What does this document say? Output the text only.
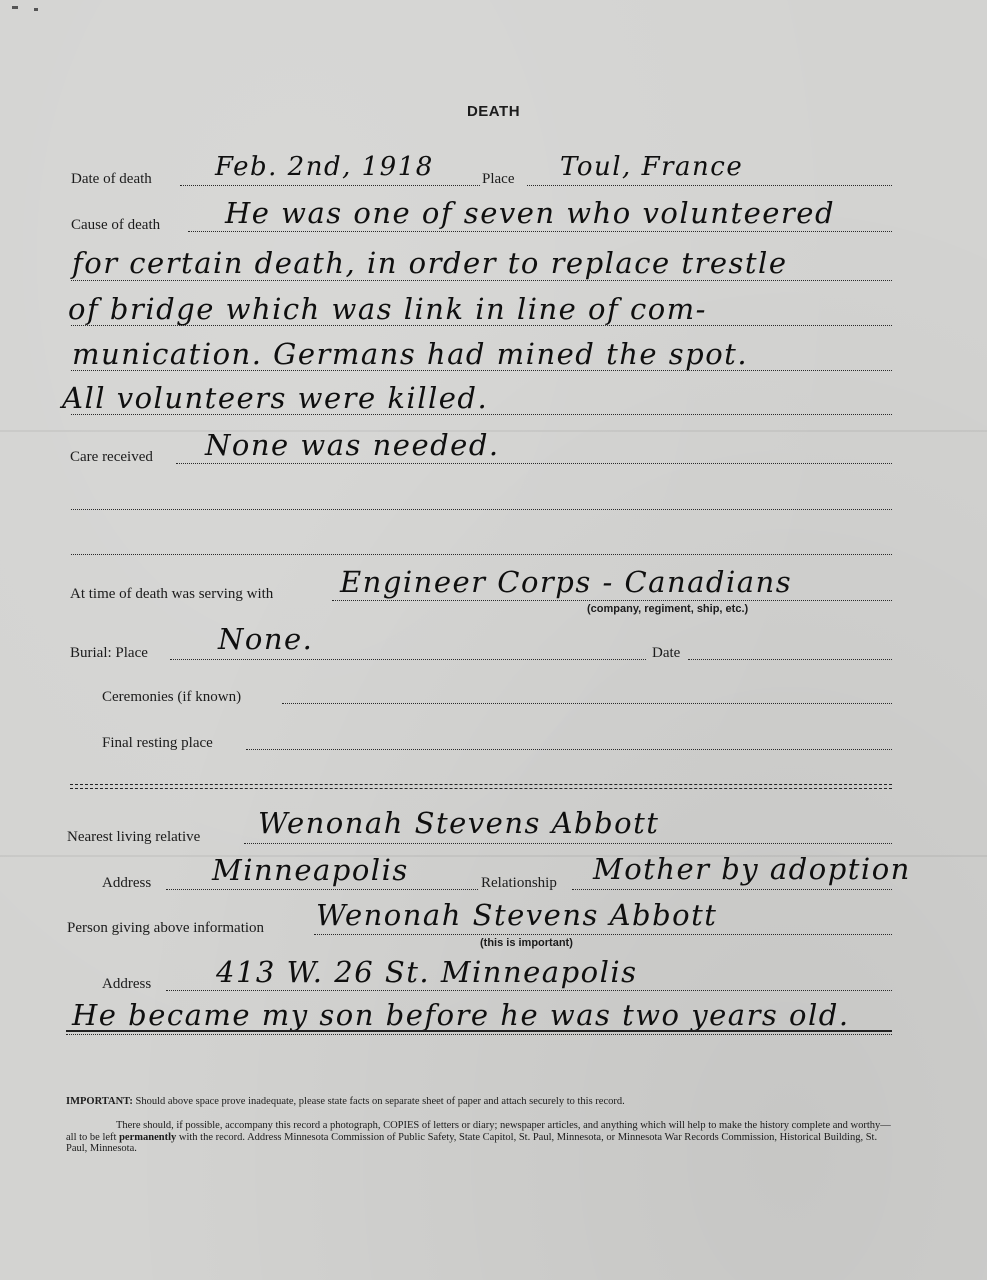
DEATH
Date of death Feb. 2nd, 1918	Place Toul, France
Cause of death He was one of seven who volunteered
for certain death, in order to replace trestle
of bridge which was link in line of com-
munication. Germans had mined the spot.
All volunteers were killed.
Care received None was needed.
At time of death was serving with Engineer Corps - Canadians
(company, regiment, ship, etc.)
Burial: Place None.	Date
Ceremonies (if known)
Final resting place
Nearest living relative Wenonah Stevens Abbott
Address Minneapolis	Relationship Mother by adoption
Person giving above information Wenonah Stevens Abbott
(this is important)
Address 413 W. 26 St. Minneapolis
He became my son before he was two years old.
IMPORTANT: Should above space prove inadequate, please state facts on separate sheet of paper and attach securely to this record.
There should, if possible, accompany this record a photograph, COPIES of letters or diary; newspaper articles, and anything which will help to make the history complete and worthy—all to be left permanently with the record. Address Minnesota Commission of Public Safety, State Capitol, St. Paul, Minnesota, or Minnesota War Records Commission, Historical Building, St. Paul, Minnesota.
